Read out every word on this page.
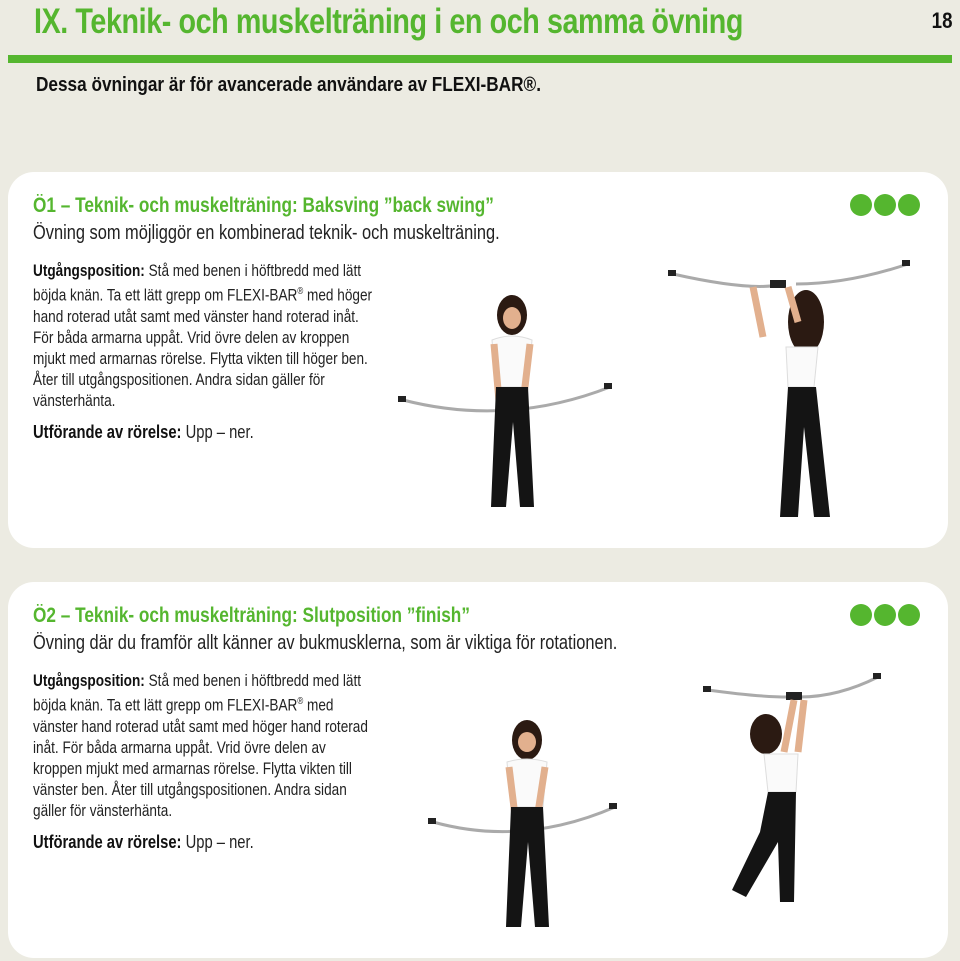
IX. Teknik- och muskelträning i en och samma övning	18
Dessa övningar är för avancerade användare av FLEXI-BAR®.
Ö1 – Teknik- och muskelträning: Baksving ”back swing”
Övning som möjliggör en kombinerad teknik- och muskelträning.
Utgångsposition: Stå med benen i höftbredd med lätt böjda knän. Ta ett lätt grepp om FLEXI-BAR® med höger hand roterad utåt samt med vänster hand roterad inåt. För båda armarna uppåt. Vrid övre delen av kroppen mjukt med armarnas rörelse. Flytta vikten till höger ben. Åter till utgångspositionen. Andra sidan gäller för vänsterhänta.
Utförande av rörelse: Upp – ner.
Ö2 – Teknik- och muskelträning: Slutposition ”finish”
Övning där du framför allt känner av bukmusklerna, som är viktiga för rotationen.
Utgångsposition: Stå med benen i höftbredd med lätt böjda knän. Ta ett lätt grepp om FLEXI-BAR® med vänster hand roterad utåt samt med höger hand roterad inåt. För båda armarna uppåt. Vrid övre delen av kroppen mjukt med armarnas rörelse. Flytta vikten till vänster ben. Åter till utgångspositionen. Andra sidan gäller för vänsterhänta.
Utförande av rörelse: Upp – ner.
